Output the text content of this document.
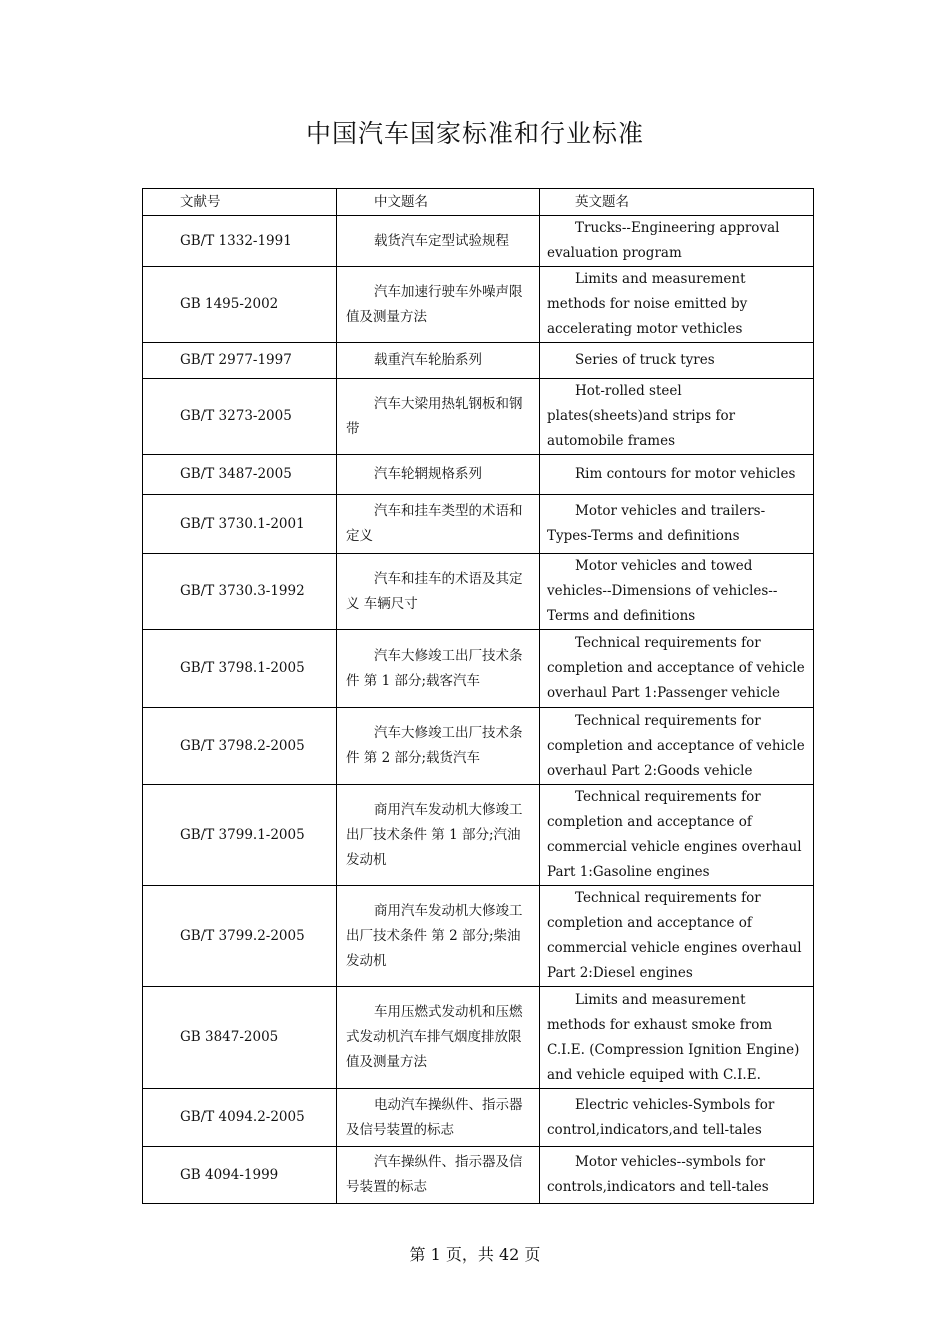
中国汽车国家标准和行业标准
文献号	中文题名	英文题名
GB/T 1332-1991	载货汽车定型试验规程	Trucks--Engineering approval evaluation program
GB 1495-2002	汽车加速行驶车外噪声限值及测量方法	Limits and measurement methods for noise emitted by accelerating motor vethicles
GB/T 2977-1997	载重汽车轮胎系列	Series of truck tyres
GB/T 3273-2005	汽车大梁用热轧钢板和钢带	Hot-rolled steel plates(sheets)and strips for automobile frames
GB/T 3487-2005	汽车轮辋规格系列	Rim contours for motor vehicles
GB/T 3730.1-2001	汽车和挂车类型的术语和定义	Motor vehicles and trailers-Types-Terms and definitions
GB/T 3730.3-1992	汽车和挂车的术语及其定义 车辆尺寸	Motor vehicles and towed vehicles--Dimensions of vehicles--Terms and definitions
GB/T 3798.1-2005	汽车大修竣工出厂技术条件 第 1 部分;载客汽车	Technical requirements for completion and acceptance of vehicle overhaul Part 1:Passenger vehicle
GB/T 3798.2-2005	汽车大修竣工出厂技术条件 第 2 部分;载货汽车	Technical requirements for completion and acceptance of vehicle overhaul Part 2:Goods vehicle
GB/T 3799.1-2005	商用汽车发动机大修竣工出厂技术条件 第 1 部分;汽油发动机	Technical requirements for completion and acceptance of commercial vehicle engines overhaul Part 1:Gasoline engines
GB/T 3799.2-2005	商用汽车发动机大修竣工出厂技术条件 第 2 部分;柴油发动机	Technical requirements for completion and acceptance of commercial vehicle engines overhaul Part 2:Diesel engines
GB 3847-2005	车用压燃式发动机和压燃式发动机汽车排气烟度排放限值及测量方法	Limits and measurement methods for exhaust smoke from C.I.E. (Compression Ignition Engine) and vehicle equiped with C.I.E.
GB/T 4094.2-2005	电动汽车操纵件、指示器及信号装置的标志	Electric vehicles-Symbols for control,indicators,and tell-tales
GB 4094-1999	汽车操纵件、指示器及信号装置的标志	Motor vehicles--symbols for controls,indicators and tell-tales
第 1 页，共 42 页
